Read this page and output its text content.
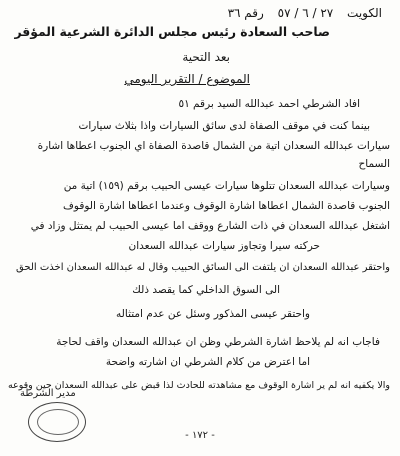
الكويت ٢٧ / ٦ / ٥٧ رقم ٣٦
صاحب السعادة رئيس مجلس الدائرة الشرعية المؤقر
بعد التحية
الموضوع / التقرير اليومي
افاد الشرطي احمد عبدالله السيد برقم ٥١
بينما كنت في موقف الصفاة لدى سائق السيارات واذا بثلاث سيارات
سيارات عبدالله السعدان اتية من الشمال قاصدة الصفاة اي الجنوب اعطاها اشارة
السماح
وسيارات عبدالله السعدان تتلوها سيارات عيسى الحبيب برقم (١٥٩) اتية من
الجنوب قاصدة الشمال اعطاها اشارة الوقوف وعندما اعطاها اشارة الوقوف
اشتغل عبدالله السعدان في ذات الشارع ووقف اما عيسى الحبيب لم يمتثل وزاد في
حركته سيرا وتجاوز سيارات عبدالله السعدان
واحتقر عبدالله السعدان ان يلتفت الى السائق الحبيب وقال له عبدالله السعدان اخذت الحق
الى السوق الداخلي كما يقصد ذلك
واحتقر عيسى المذكور وسئل عن عدم امتثاله
فاجاب انه لم يلاحظ اشارة الشرطي وظن ان عبدالله السعدان واقف لحاجة
اما اعترض من كلام الشرطي ان اشارته واضحة
والا يكفيه انه لم ير اشارة الوقوف مع مشاهدته للحادث لذا قبض على عبدالله السعدان حين وقوعه
مدير الشرطة
- ١٧٢ -
